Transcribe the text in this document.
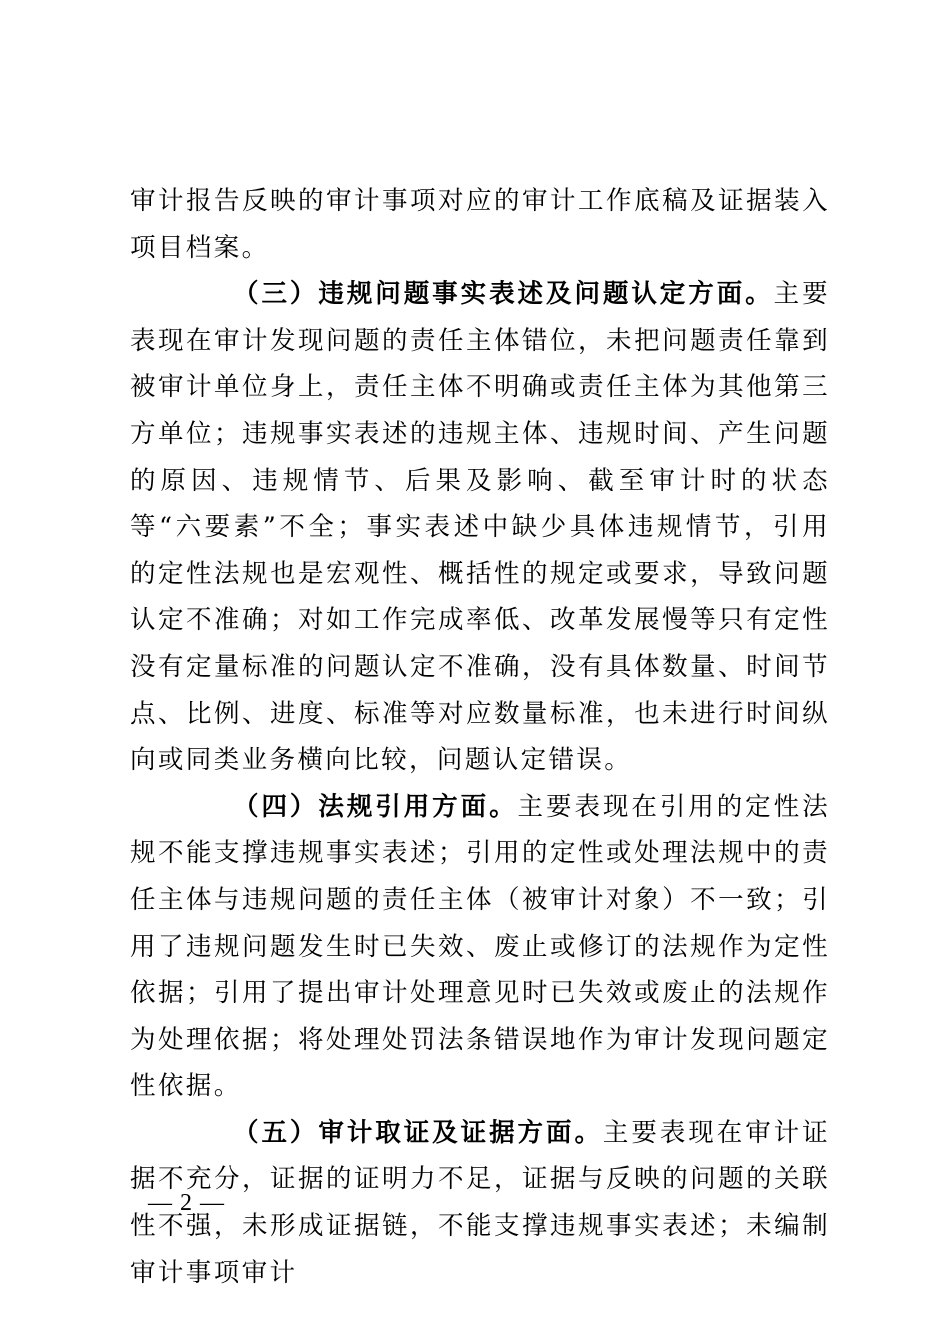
审计报告反映的审计事项对应的审计工作底稿及证据装入项目档案。

（三）违规问题事实表述及问题认定方面。主要表现在审计发现问题的责任主体错位，未把问题责任靠到被审计单位身上，责任主体不明确或责任主体为其他第三方单位；违规事实表述的违规主体、违规时间、产生问题的原因、违规情节、后果及影响、截至审计时的状态等“六要素”不全；事实表述中缺少具体违规情节，引用的定性法规也是宏观性、概括性的规定或要求，导致问题认定不准确；对如工作完成率低、改革发展慢等只有定性没有定量标准的问题认定不准确，没有具体数量、时间节点、比例、进度、标准等对应数量标准，也未进行时间纵向或同类业务横向比较，问题认定错误。

（四）法规引用方面。主要表现在引用的定性法规不能支撑违规事实表述；引用的定性或处理法规中的责任主体与违规问题的责任主体（被审计对象）不一致；引用了违规问题发生时已失效、废止或修订的法规作为定性依据；引用了提出审计处理意见时已失效或废止的法规作为处理依据；将处理处罚法条错误地作为审计发现问题定性依据。

（五）审计取证及证据方面。主要表现在审计证据不充分，证据的证明力不足，证据与反映的问题的关联性不强，未形成证据链，不能支撑违规事实表述；未编制审计事项审计

— 2 —
